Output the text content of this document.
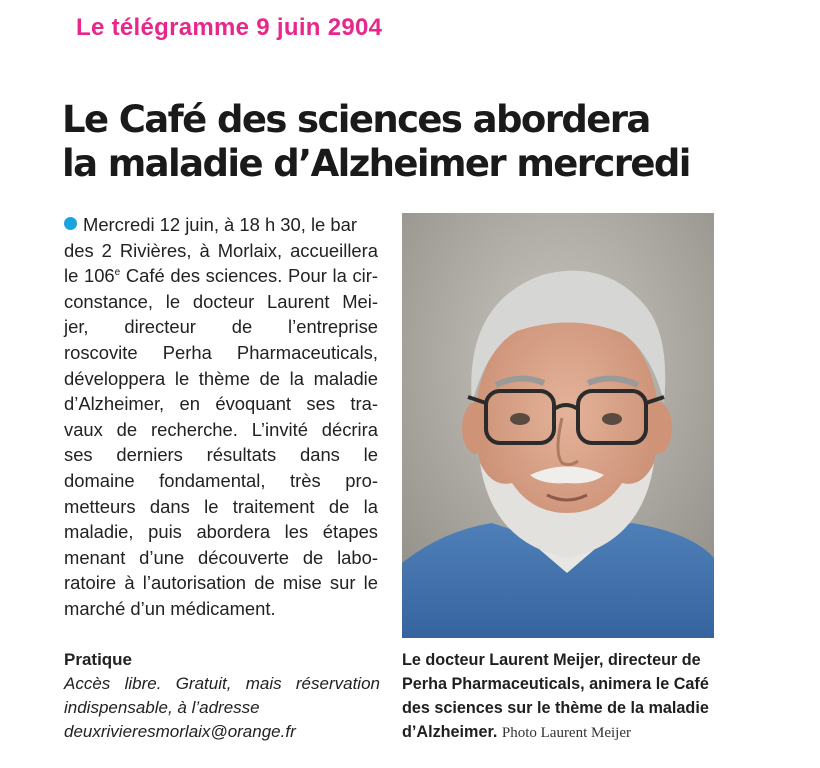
Le télégramme 9 juin 2904
Le Café des sciences abordera
la maladie d’Alzheimer mercredi
Mercredi 12 juin, à 18 h 30, le bar
des 2 Rivières, à Morlaix, accueillera
le 106e Café des sciences. Pour la cir-
constance, le docteur Laurent Mei-
jer, directeur de l’entreprise
roscovite Perha Pharmaceuticals,
développera le thème de la maladie
d’Alzheimer, en évoquant ses tra-
vaux de recherche. L’invité décrira
ses derniers résultats dans le
domaine fondamental, très pro-
metteurs dans le traitement de la
maladie, puis abordera les étapes
menant d’une découverte de labo-
ratoire à l’autorisation de mise sur le
marché d’un médicament.
Pratique
Accès libre. Gratuit, mais réservation
indispensable, à l’adresse
deuxrivieresmorlaix@orange.fr
Le docteur Laurent Meijer, directeur de
Perha Pharmaceuticals, animera le Café
des sciences sur le thème de la maladie
d’Alzheimer. Photo Laurent Meijer
